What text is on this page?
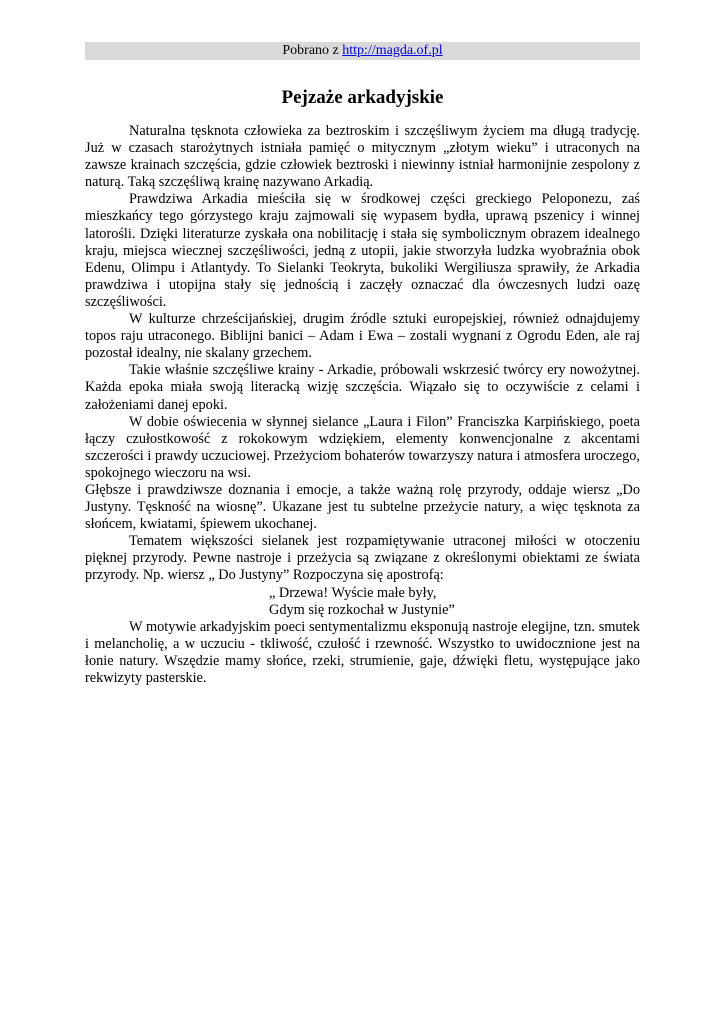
Pobrano z http://magda.of.pl
Pejzaże arkadyjskie

Naturalna tęsknota człowieka za beztroskim i szczęśliwym życiem ma długą tradycję. Już w czasach starożytnych istniała pamięć o mitycznym „złotym wieku” i utraconych na zawsze krainach szczęścia, gdzie człowiek beztroski i niewinny istniał harmonijnie zespolony z naturą. Taką szczęśliwą krainę nazywano Arkadią.

Prawdziwa Arkadia mieściła się w środkowej części greckiego Peloponezu, zaś mieszkańcy tego górzystego kraju zajmowali się wypasem bydła, uprawą pszenicy i winnej latorośli. Dzięki literaturze zyskała ona nobilitację i stała się symbolicznym obrazem idealnego kraju, miejsca wiecznej szczęśliwości, jedną z utopii, jakie stworzyła ludzka wyobraźnia obok Edenu, Olimpu i Atlantydy. To Sielanki Teokryta, bukoliki Wergiliusza sprawiły, że Arkadia prawdziwa i utopijna stały się jednością i zaczęły oznaczać dla ówczesnych ludzi oazę szczęśliwości.

W kulturze chrześcijańskiej, drugim źródle sztuki europejskiej, również odnajdujemy topos raju utraconego. Biblijni banici – Adam i Ewa – zostali wygnani z Ogrodu Eden, ale raj pozostał idealny, nie skalany grzechem.

Takie właśnie szczęśliwe krainy - Arkadie, próbowali wskrzesić twórcy ery nowożytnej. Każda epoka miała swoją literacką wizję szczęścia. Wiązało się to oczywiście z celami i założeniami danej epoki.

W dobie oświecenia w słynnej sielance „Laura i Filon” Franciszka Karpińskiego, poeta łączy czułostkowość z rokokowym wdziękiem, elementy konwencjonalne z akcentami szczerości i prawdy uczuciowej. Przeżyciom bohaterów towarzyszy natura i atmosfera uroczego, spokojnego wieczoru na wsi.

Głębsze i prawdziwsze doznania i emocje, a także ważną rolę przyrody, oddaje wiersz „Do Justyny. Tęskność na wiosnę”. Ukazane jest tu subtelne przeżycie natury, a więc tęsknota za słońcem, kwiatami, śpiewem ukochanej.

Tematem większości sielanek jest rozpamiętywanie utraconej miłości w otoczeniu pięknej przyrody. Pewne nastroje i przeżycia są związane z określonymi obiektami ze świata przyrody. Np. wiersz „ Do Justyny” Rozpoczyna się apostrofą:

„ Drzewa! Wyście małe były,

Gdym się rozkochał w Justynie”

W motywie arkadyjskim poeci sentymentalizmu eksponują nastroje elegijne, tzn. smutek i melancholię, a w uczuciu - tkliwość, czułość i rzewność. Wszystko to uwidocznione jest na łonie natury. Wszędzie mamy słońce, rzeki, strumienie, gaje, dźwięki fletu, występujące jako rekwizyty pasterskie.
